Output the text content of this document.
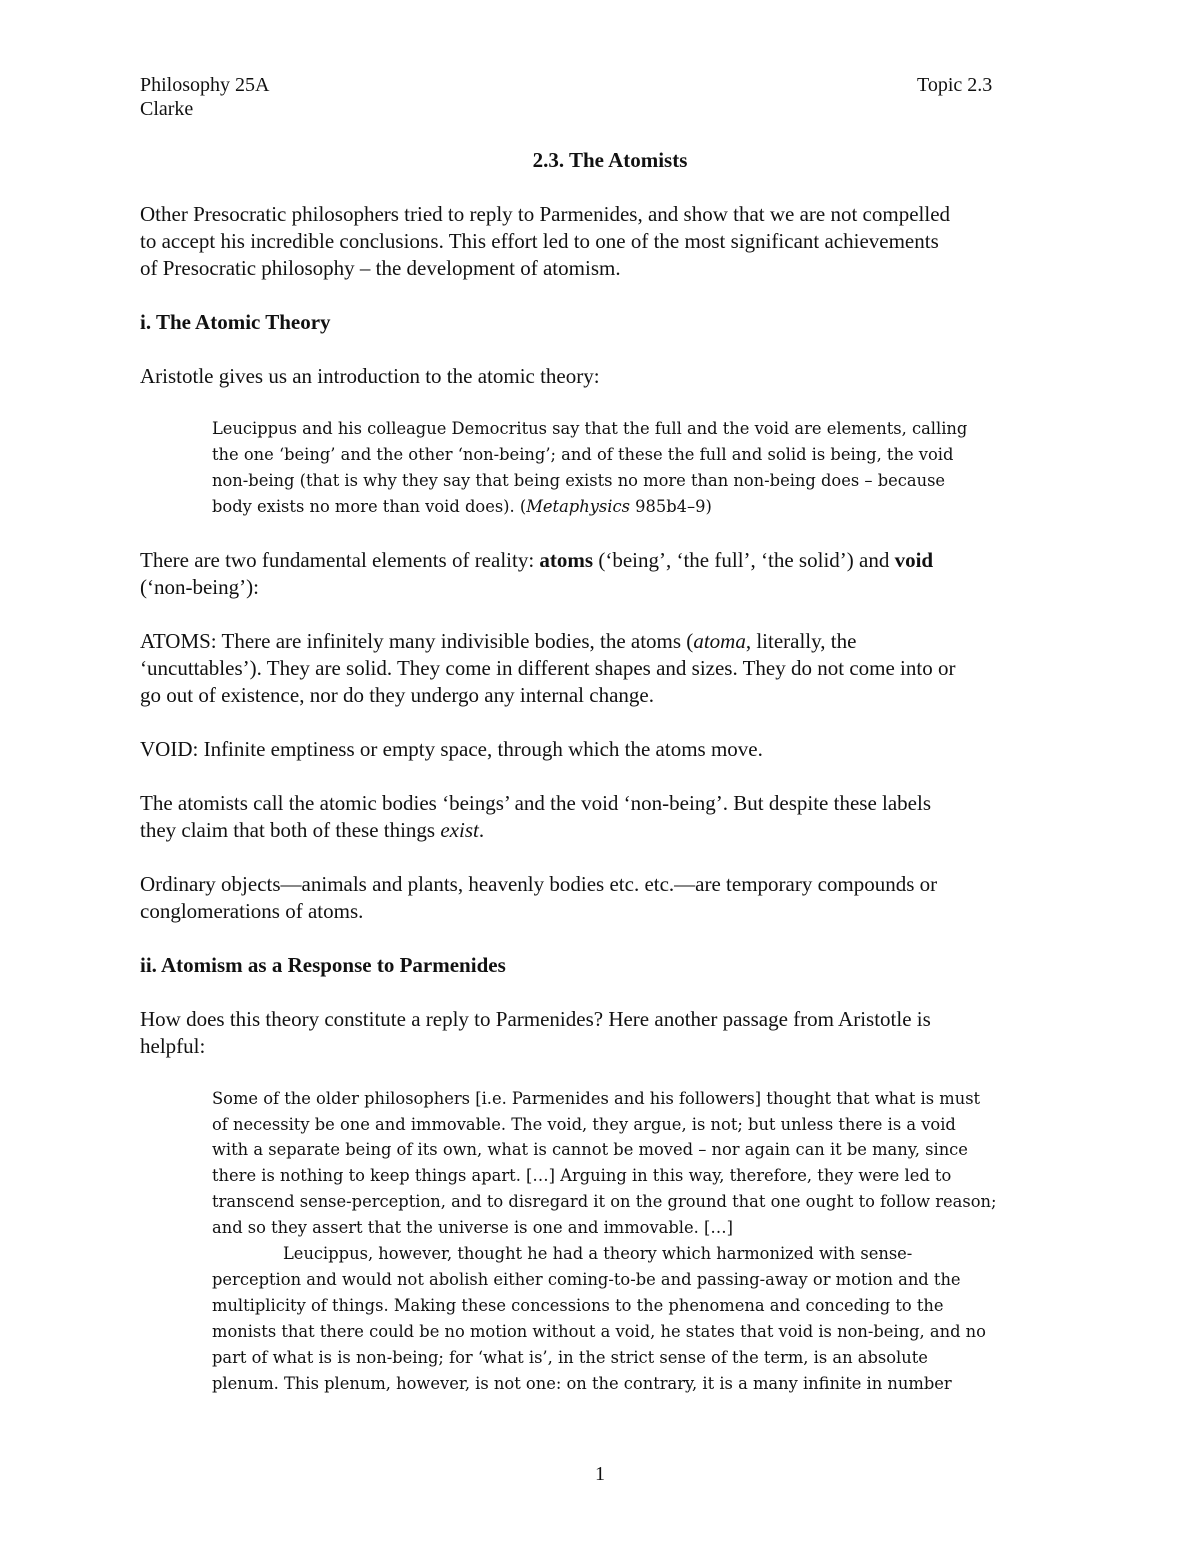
Philosophy 25A
Clarke
Topic 2.3
2.3. The Atomists
Other Presocratic philosophers tried to reply to Parmenides, and show that we are not compelled
to accept his incredible conclusions. This effort led to one of the most significant achievements
of Presocratic philosophy – the development of atomism.
i. The Atomic Theory
Aristotle gives us an introduction to the atomic theory:
Leucippus and his colleague Democritus say that the full and the void are elements, calling
the one ‘being’ and the other ‘non-being’; and of these the full and solid is being, the void
non-being (that is why they say that being exists no more than non-being does – because
body exists no more than void does). (Metaphysics 985b4–9)
There are two fundamental elements of reality: atoms (‘being’, ‘the full’, ‘the solid’) and void
(‘non-being’):
ATOMS: There are infinitely many indivisible bodies, the atoms (atoma, literally, the
‘uncuttables’). They are solid. They come in different shapes and sizes. They do not come into or
go out of existence, nor do they undergo any internal change.
VOID: Infinite emptiness or empty space, through which the atoms move.
The atomists call the atomic bodies ‘beings’ and the void ‘non-being’. But despite these labels
they claim that both of these things exist.
Ordinary objects—animals and plants, heavenly bodies etc. etc.—are temporary compounds or
conglomerations of atoms.
ii. Atomism as a Response to Parmenides
How does this theory constitute a reply to Parmenides? Here another passage from Aristotle is
helpful:
Some of the older philosophers [i.e. Parmenides and his followers] thought that what is must
of necessity be one and immovable. The void, they argue, is not; but unless there is a void
with a separate being of its own, what is cannot be moved – nor again can it be many, since
there is nothing to keep things apart. […] Arguing in this way, therefore, they were led to
transcend sense-perception, and to disregard it on the ground that one ought to follow reason;
and so they assert that the universe is one and immovable. […]
Leucippus, however, thought he had a theory which harmonized with sense-
perception and would not abolish either coming-to-be and passing-away or motion and the
multiplicity of things. Making these concessions to the phenomena and conceding to the
monists that there could be no motion without a void, he states that void is non-being, and no
part of what is is non-being; for ‘what is’, in the strict sense of the term, is an absolute
plenum. This plenum, however, is not one: on the contrary, it is a many infinite in number
1
